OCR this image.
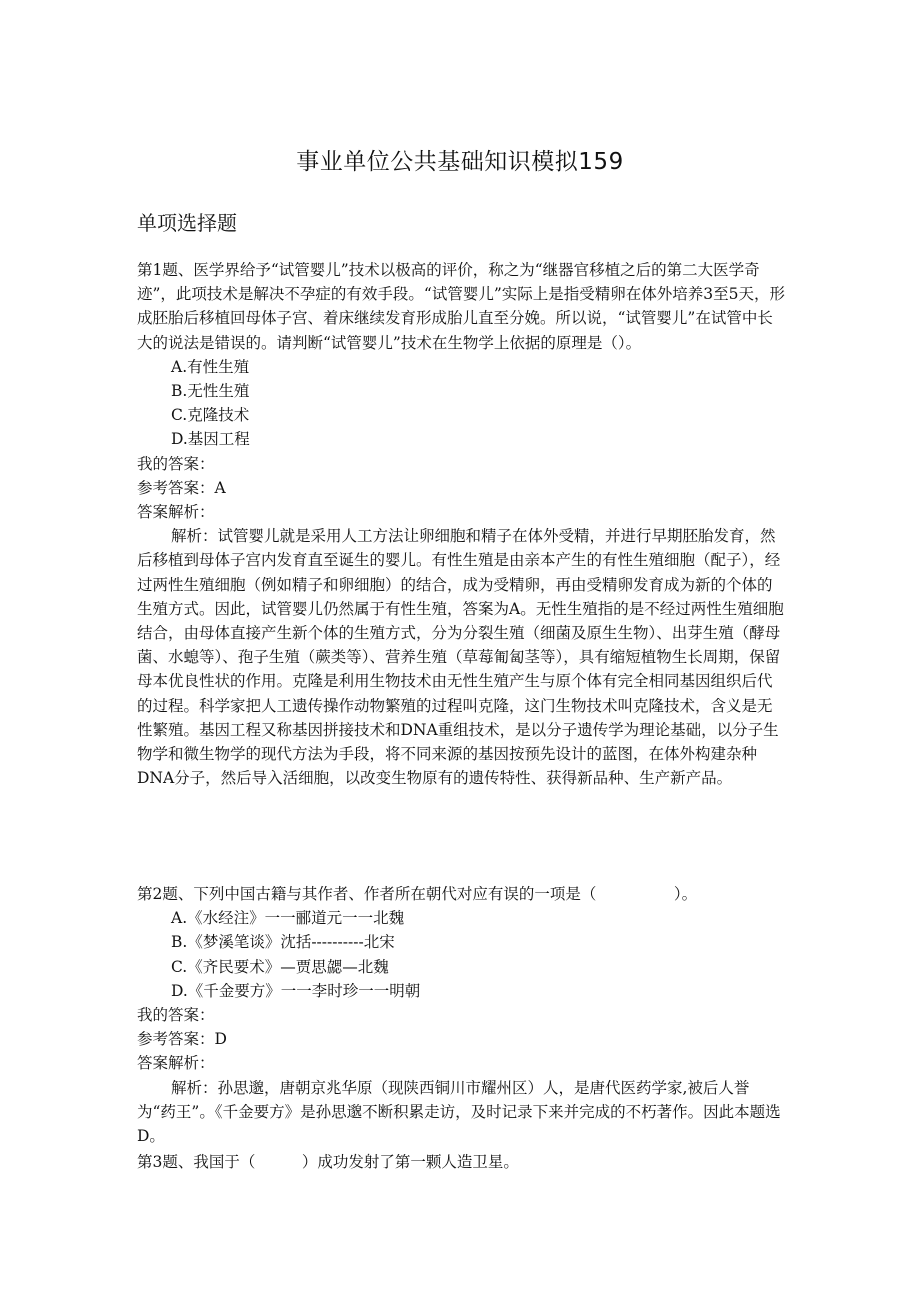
事业单位公共基础知识模拟159
单项选择题

第1题、医学界给予“试管婴儿”技术以极高的评价，称之为“继器官移植之后的第二大医学奇迹”，此项技术是解决不孕症的有效手段。“试管婴儿”实际上是指受精卵在体外培养3至5天，形成胚胎后移植回母体子宫、着床继续发育形成胎儿直至分娩。所以说，“试管婴儿”在试管中长大的说法是错误的。请判断“试管婴儿”技术在生物学上依据的原理是（）。

A.有性生殖

B.无性生殖

C.克隆技术

D.基因工程

我的答案：

参考答案：A

答案解析：

解析：试管婴儿就是采用人工方法让卵细胞和精子在体外受精，并进行早期胚胎发育，然后移植到母体子宫内发育直至诞生的婴儿。有性生殖是由亲本产生的有性生殖细胞（配子），经过两性生殖细胞（例如精子和卵细胞）的结合，成为受精卵，再由受精卵发育成为新的个体的生殖方式。因此，试管婴儿仍然属于有性生殖，答案为A。无性生殖指的是不经过两性生殖细胞结合，由母体直接产生新个体的生殖方式，分为分裂生殖（细菌及原生生物）、出芽生殖（酵母菌、水螅等）、孢子生殖（蕨类等）、营养生殖（草莓匍匐茎等），具有缩短植物生长周期，保留母本优良性状的作用。克隆是利用生物技术由无性生殖产生与原个体有完全相同基因组织后代的过程。科学家把人工遗传操作动物繁殖的过程叫克隆，这门生物技术叫克隆技术，含义是无性繁殖。基因工程又称基因拼接技术和DNA重组技术，是以分子遗传学为理论基础，以分子生物学和微生物学的现代方法为手段，将不同来源的基因按预先设计的蓝图，在体外构建杂种DNA分子，然后导入活细胞，以改变生物原有的遗传特性、获得新品种、生产新产品。

第2题、下列中国古籍与其作者、作者所在朝代对应有误的一项是（　　　　　）。

A.《水经注》一一郦道元一一北魏

B.《梦溪笔谈》沈括----------北宋

C.《齐民要术》—贾思勰—北魏

D.《千金要方》一一李时珍一一明朝

我的答案：

参考答案：D

答案解析：

解析：孙思邈，唐朝京兆华原（现陕西铜川市耀州区）人，是唐代医药学家,被后人誉为“药王”。《千金要方》是孙思邈不断积累走访，及时记录下来并完成的不朽著作。因此本题选D。

第3题、我国于（　　　）成功发射了第一颗人造卫星。
